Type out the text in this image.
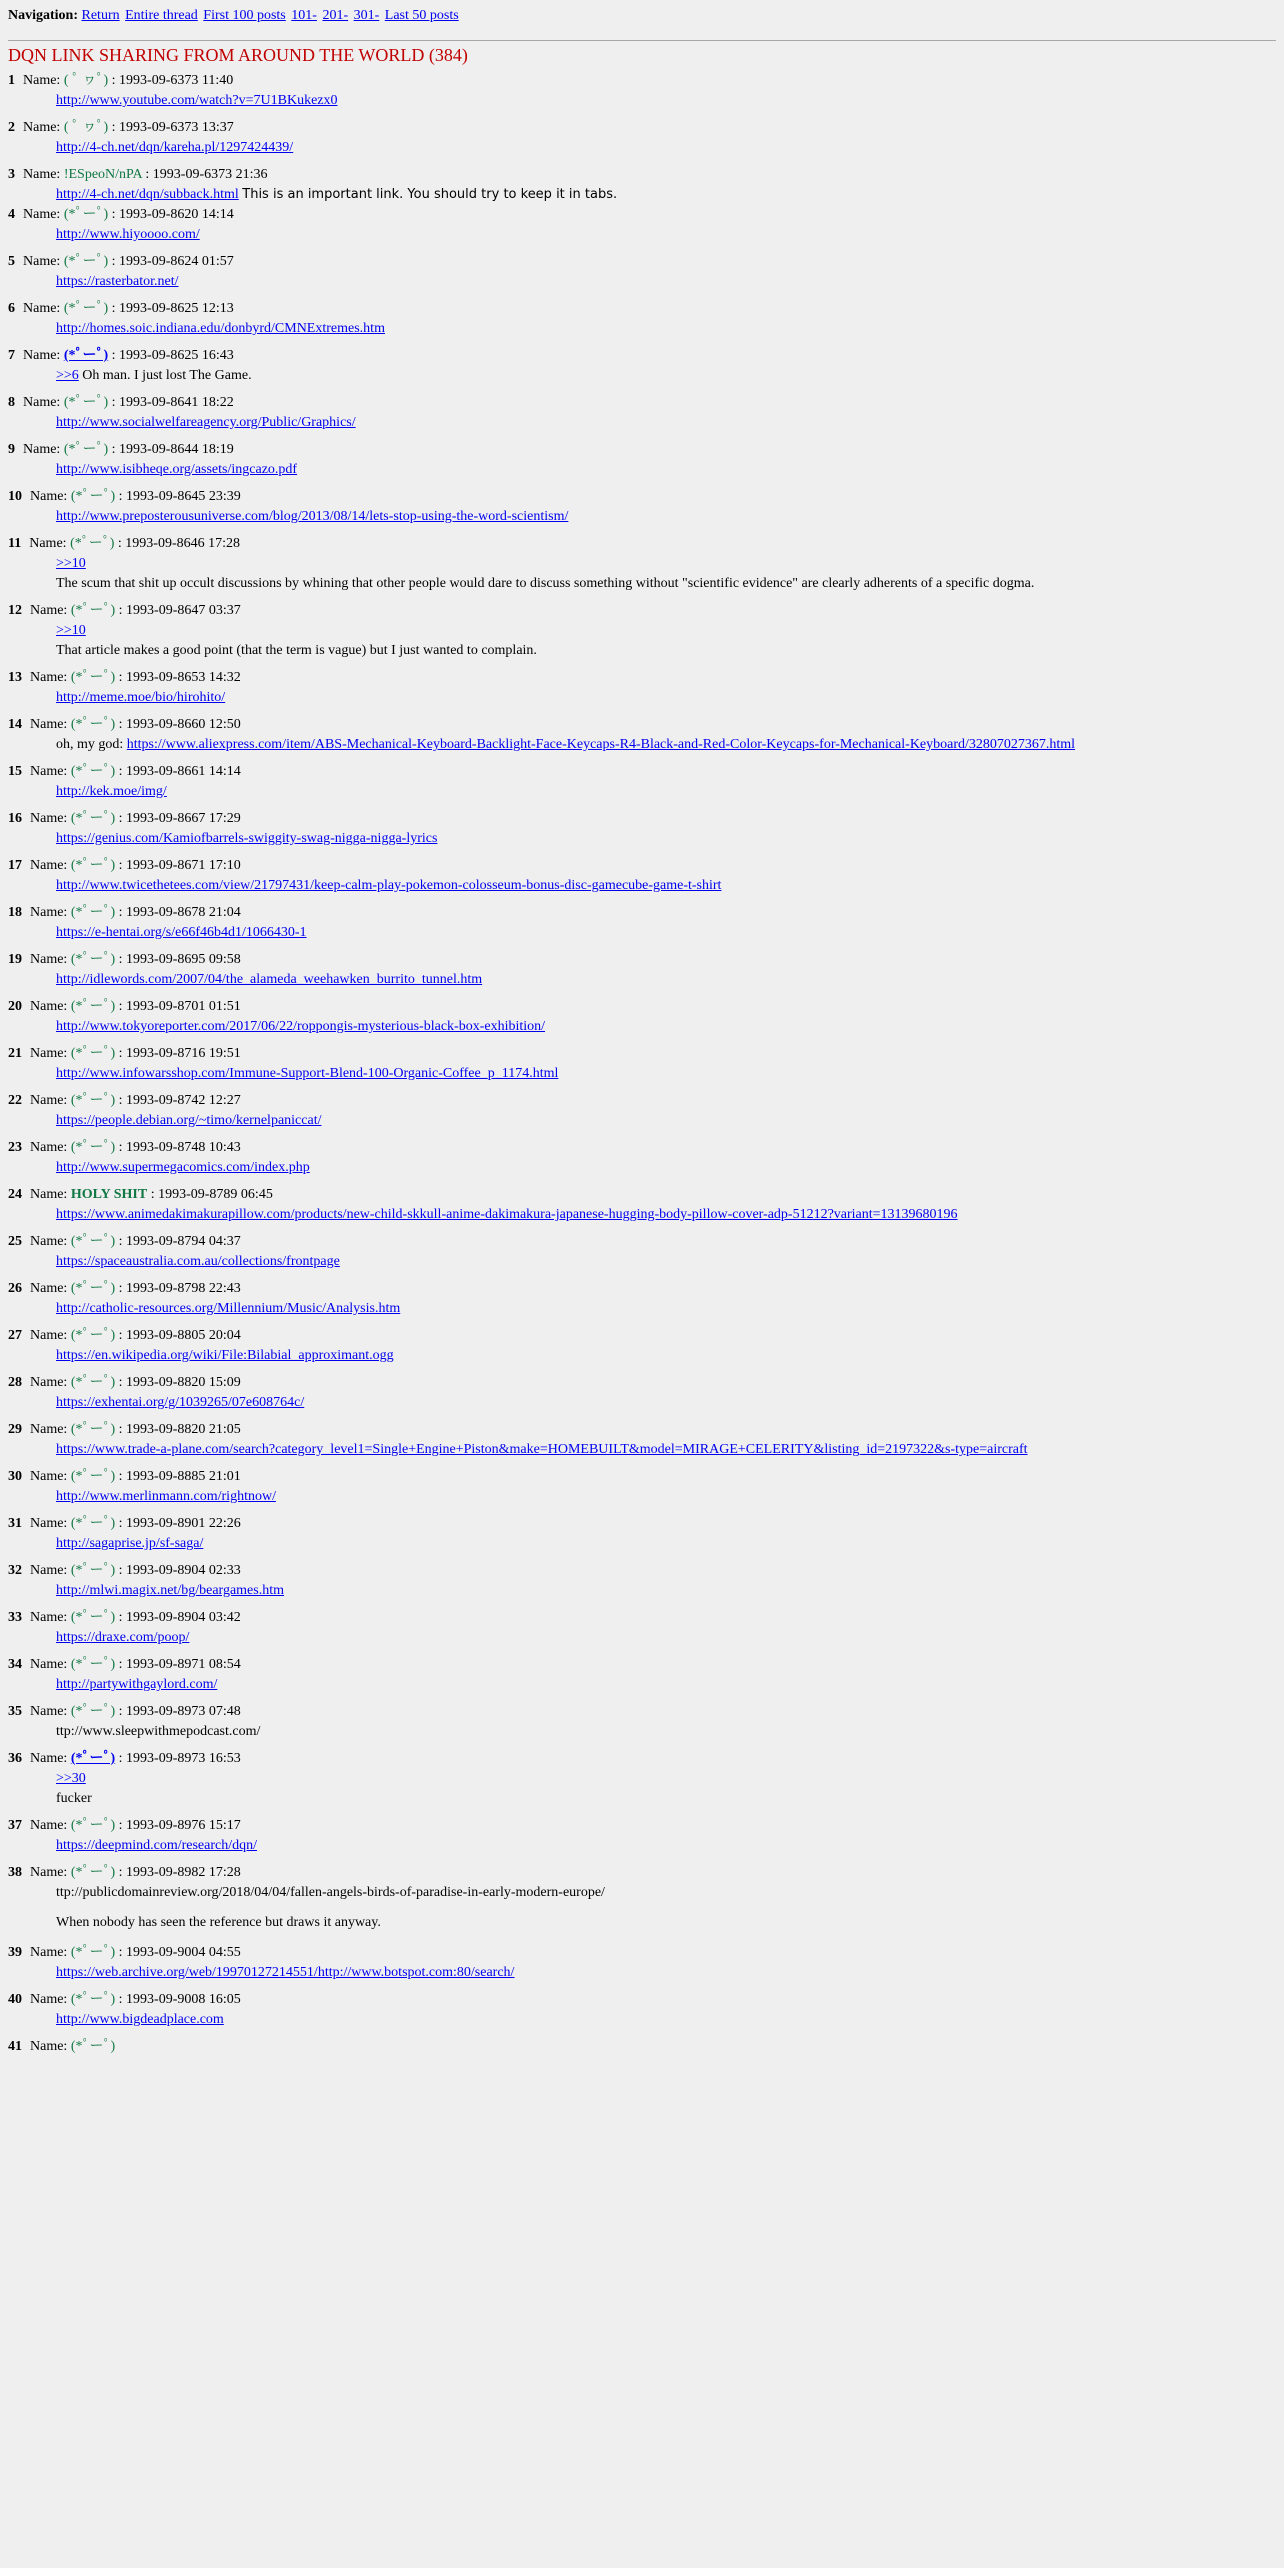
Navigation: Return Entire thread First 100 posts 101- 201- 301- Last 50 posts
DQN LINK SHARING FROM AROUND THE WORLD (384)
1 Name: ( ﾟ ヮﾟ) : 1993-09-6373 11:40
http://www.youtube.com/watch?v=7U1BKukezx0
2 Name: ( ﾟ ヮﾟ) : 1993-09-6373 13:37
http://4-ch.net/dqn/kareha.pl/1297424439/
3 Name: !ESpeoN/nPA : 1993-09-6373 21:36
http://4-ch.net/dqn/subback.html This is an important link. You should try to keep it in tabs.
4 Name: (*ﾟーﾟ) : 1993-09-8620 14:14
http://www.hiyoooo.com/
5 Name: (*ﾟーﾟ) : 1993-09-8624 01:57
https://rasterbator.net/
6 Name: (*ﾟーﾟ) : 1993-09-8625 12:13
http://homes.soic.indiana.edu/donbyrd/CMNExtremes.htm
7 Name: (*ﾟーﾟ) : 1993-09-8625 16:43
>>6 Oh man. I just lost The Game.
8 Name: (*ﾟーﾟ) : 1993-09-8641 18:22
http://www.socialwelfareagency.org/Public/Graphics/
9 Name: (*ﾟーﾟ) : 1993-09-8644 18:19
http://www.isibheqe.org/assets/ingcazo.pdf
10 Name: (*ﾟーﾟ) : 1993-09-8645 23:39
http://www.preposterousuniverse.com/blog/2013/08/14/lets-stop-using-the-word-scientism/
11 Name: (*ﾟーﾟ) : 1993-09-8646 17:28
>>10
The scum that shit up occult discussions by whining that other people would dare to discuss something without "scientific evidence" are clearly adherents of a specific dogma.
12 Name: (*ﾟーﾟ) : 1993-09-8647 03:37
>>10
That article makes a good point (that the term is vague) but I just wanted to complain.
13 Name: (*ﾟーﾟ) : 1993-09-8653 14:32
http://meme.moe/bio/hirohito/
14 Name: (*ﾟーﾟ) : 1993-09-8660 12:50
oh, my god: https://www.aliexpress.com/item/ABS-Mechanical-Keyboard-Backlight-Face-Keycaps-R4-Black-and-Red-Color-Keycaps-for-Mechanical-Keyboard/32807027367.html
15 Name: (*ﾟーﾟ) : 1993-09-8661 14:14
http://kek.moe/img/
16 Name: (*ﾟーﾟ) : 1993-09-8667 17:29
https://genius.com/Kamiofbarrels-swiggity-swag-nigga-nigga-lyrics
17 Name: (*ﾟーﾟ) : 1993-09-8671 17:10
http://www.twicethetees.com/view/21797431/keep-calm-play-pokemon-colosseum-bonus-disc-gamecube-game-t-shirt
18 Name: (*ﾟーﾟ) : 1993-09-8678 21:04
https://e-hentai.org/s/e66f46b4d1/1066430-1
19 Name: (*ﾟーﾟ) : 1993-09-8695 09:58
http://idlewords.com/2007/04/the_alameda_weehawken_burrito_tunnel.htm
20 Name: (*ﾟーﾟ) : 1993-09-8701 01:51
http://www.tokyoreporter.com/2017/06/22/roppongis-mysterious-black-box-exhibition/
21 Name: (*ﾟーﾟ) : 1993-09-8716 19:51
http://www.infowarsshop.com/Immune-Support-Blend-100-Organic-Coffee_p_1174.html
22 Name: (*ﾟーﾟ) : 1993-09-8742 12:27
https://people.debian.org/~timo/kernelpaniccat/
23 Name: (*ﾟーﾟ) : 1993-09-8748 10:43
http://www.supermegacomics.com/index.php
24 Name: HOLY SHIT : 1993-09-8789 06:45
https://www.animedakimakurapillow.com/products/new-child-skkull-anime-dakimakura-japanese-hugging-body-pillow-cover-adp-51212?variant=13139680196
25 Name: (*ﾟーﾟ) : 1993-09-8794 04:37
https://spaceaustralia.com.au/collections/frontpage
26 Name: (*ﾟーﾟ) : 1993-09-8798 22:43
http://catholic-resources.org/Millennium/Music/Analysis.htm
27 Name: (*ﾟーﾟ) : 1993-09-8805 20:04
https://en.wikipedia.org/wiki/File:Bilabial_approximant.ogg
28 Name: (*ﾟーﾟ) : 1993-09-8820 15:09
https://exhentai.org/g/1039265/07e608764c/
29 Name: (*ﾟーﾟ) : 1993-09-8820 21:05
https://www.trade-a-plane.com/search?category_level1=Single+Engine+Piston&make=HOMEBUILT&model=MIRAGE+CELERITY&listing_id=2197322&s-type=aircraft
30 Name: (*ﾟーﾟ) : 1993-09-8885 21:01
http://www.merlinmann.com/rightnow/
31 Name: (*ﾟーﾟ) : 1993-09-8901 22:26
http://sagaprise.jp/sf-saga/
32 Name: (*ﾟーﾟ) : 1993-09-8904 02:33
http://mlwi.magix.net/bg/beargames.htm
33 Name: (*ﾟーﾟ) : 1993-09-8904 03:42
https://draxe.com/poop/
34 Name: (*ﾟーﾟ) : 1993-09-8971 08:54
http://partywithgaylord.com/
35 Name: (*ﾟーﾟ) : 1993-09-8973 07:48
ttp://www.sleepwithmepodcast.com/
36 Name: (*ﾟーﾟ) : 1993-09-8973 16:53
>>30
fucker
37 Name: (*ﾟーﾟ) : 1993-09-8976 15:17
https://deepmind.com/research/dqn/
38 Name: (*ﾟーﾟ) : 1993-09-8982 17:28

ttp://publicdomainreview.org/2018/04/04/fallen-angels-birds-of-paradise-in-early-modern-europe/

When nobody has seen the reference but draws it anyway.

39 Name: (*ﾟーﾟ) : 1993-09-9004 04:55
https://web.archive.org/web/19970127214551/http://www.botspot.com:80/search/
40 Name: (*ﾟーﾟ) : 1993-09-9008 16:05
http://www.bigdeadplace.com
41 Name: (*ﾟーﾟ)
